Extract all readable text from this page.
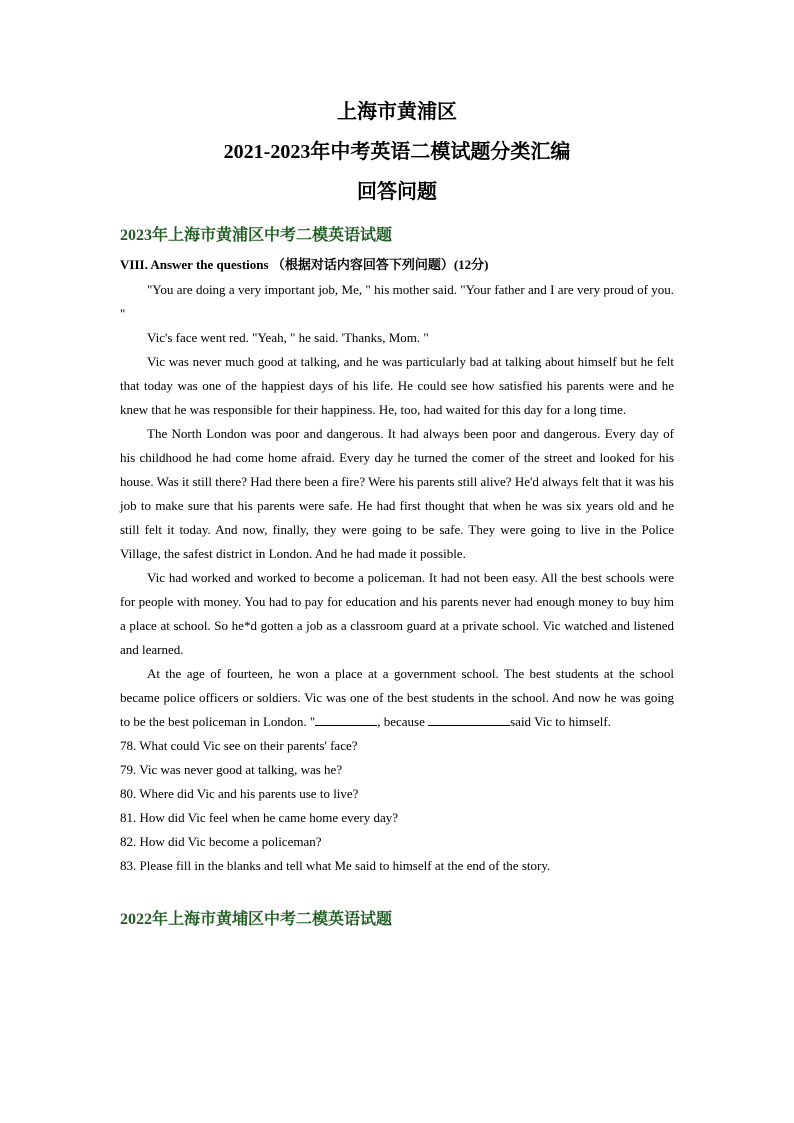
上海市黄浦区

2021-2023年中考英语二模试题分类汇编

回答问题

2023年上海市黄浦区中考二模英语试题

VIII. Answer the questions （根据对话内容回答下列问题）(12分)

"You are doing a very important job, Me, " his mother said. "Your father and I are very proud of you. "

Vic's face went red. "Yeah, " he said. 'Thanks, Mom. "

Vic was never much good at talking, and he was particularly bad at talking about himself but he felt that today was one of the happiest days of his life. He could see how satisfied his parents were and he knew that he was responsible for their happiness. He, too, had waited for this day for a long time.

The North London was poor and dangerous. It had always been poor and dangerous. Every day of his childhood he had come home afraid. Every day he turned the comer of the street and looked for his house. Was it still there? Had there been a fire? Were his parents still alive? He'd always felt that it was his job to make sure that his parents were safe. He had first thought that when he was six years old and he still felt it today. And now, finally, they were going to be safe. They were going to live in the Police Village, the safest district in London. And he had made it possible.

Vic had worked and worked to become a policeman. It had not been easy. All the best schools were for people with money. You had to pay for education and his parents never had enough money to buy him a place at school. So he*d gotten a job as a classroom guard at a private school. Vic watched and listened and learned.

At the age of fourteen, he won a place at a government school. The best students at the school became police officers or soldiers. Vic was one of the best students in the school. And now he was going to be the best policeman in London. "	, because	said Vic to himself.

78. What could Vic see on their parents' face?

79. Vic was never good at talking, was he?

80. Where did Vic and his parents use to live?

81. How did Vic feel when he came home every day?

82. How did Vic become a policeman?

83. Please fill in the blanks and tell what Me said to himself at the end of the story.

2022年上海市黄埔区中考二模英语试题
